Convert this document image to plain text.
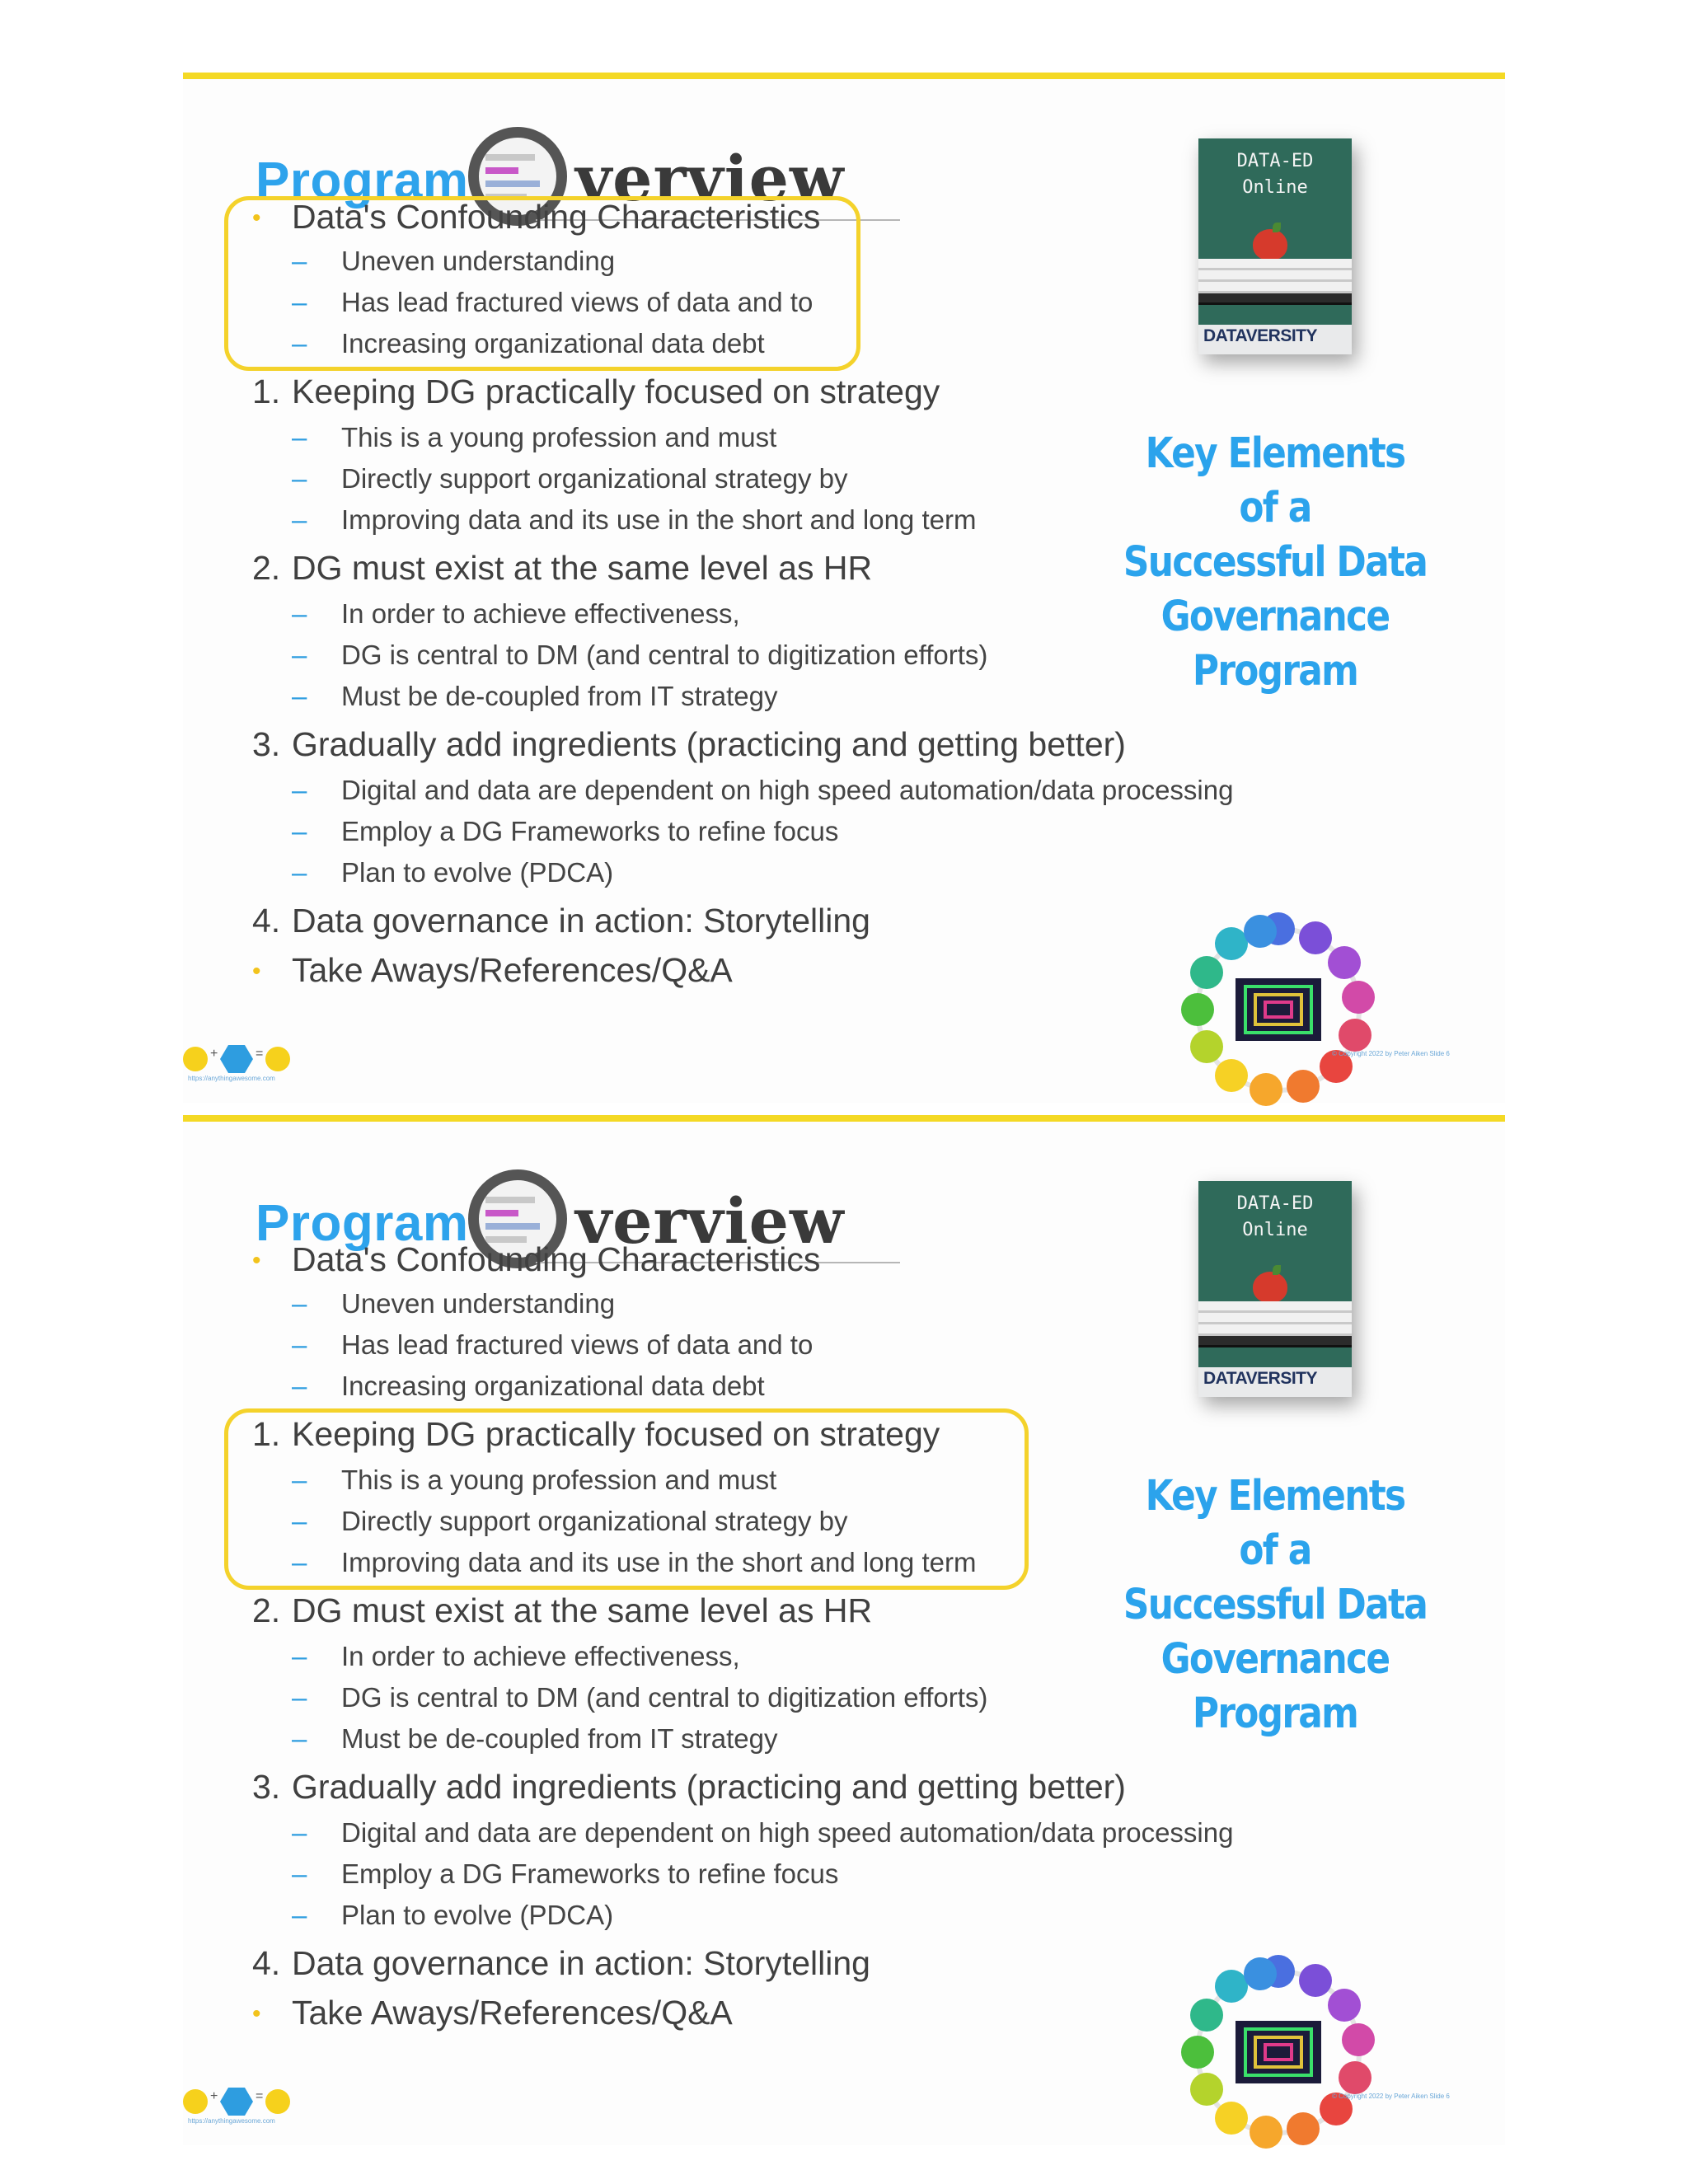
Program verview
• Data's Confounding Characteristics
– Uneven understanding
– Has lead fractured views of data and to
– Increasing organizational data debt
1. Keeping DG practically focused on strategy
– This is a young profession and must
– Directly support organizational strategy by
– Improving data and its use in the short and long term
2. DG must exist at the same level as HR
– In order to achieve effectiveness,
– DG is central to DM (and central to digitization efforts)
– Must be de-coupled from IT strategy
3. Gradually add ingredients (practicing and getting better)
– Digital and data are dependent on high speed automation/data processing
– Employ a DG Frameworks to refine focus
– Plan to evolve (PDCA)
4. Data governance in action: Storytelling
• Take Aways/References/Q&A
DATA-ED
Online
DATAVERSITY
Key Elements of a
Successful Data
Governance
Program
+	=
https://anythingawesome.com
© Copyright 2022 by Peter Aiken Slide 6
Program verview
• Data's Confounding Characteristics
– Uneven understanding
– Has lead fractured views of data and to
– Increasing organizational data debt
1. Keeping DG practically focused on strategy
– This is a young profession and must
– Directly support organizational strategy by
– Improving data and its use in the short and long term
2. DG must exist at the same level as HR
– In order to achieve effectiveness,
– DG is central to DM (and central to digitization efforts)
– Must be de-coupled from IT strategy
3. Gradually add ingredients (practicing and getting better)
– Digital and data are dependent on high speed automation/data processing
– Employ a DG Frameworks to refine focus
– Plan to evolve (PDCA)
4. Data governance in action: Storytelling
• Take Aways/References/Q&A
DATA-ED
Online
DATAVERSITY
Key Elements of a
Successful Data
Governance
Program
+	=
https://anythingawesome.com
© Copyright 2022 by Peter Aiken Slide 6
